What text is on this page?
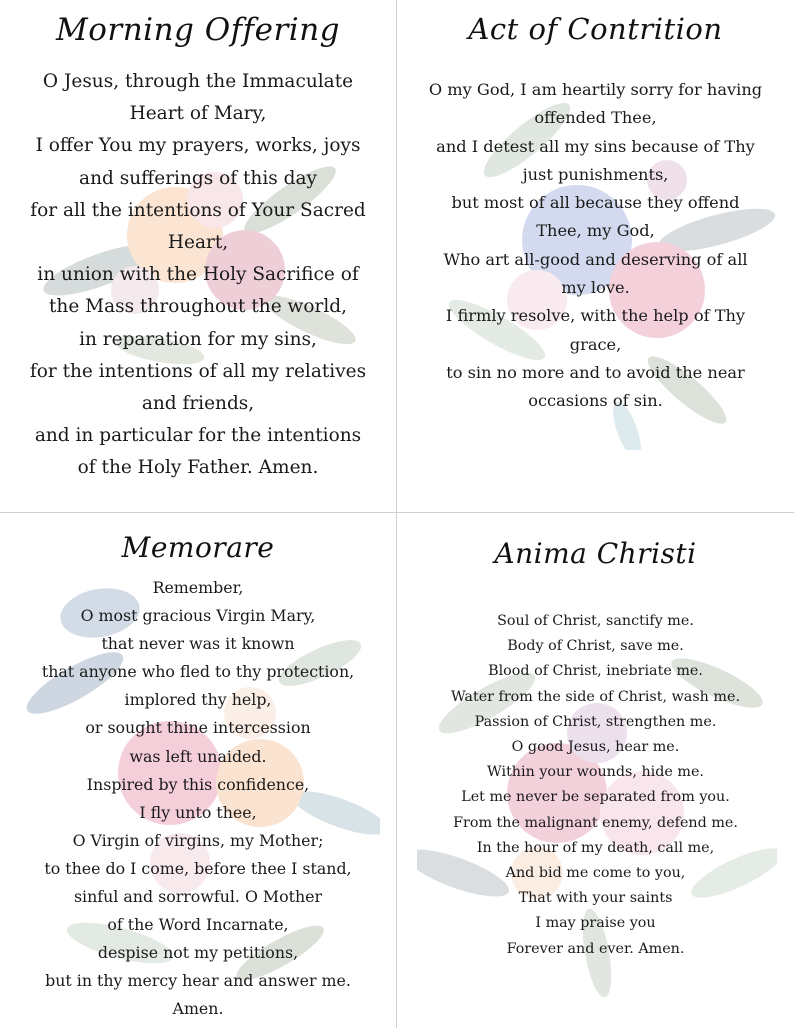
Morning Offering
O Jesus, through the Immaculate
Heart of Mary,
I offer You my prayers, works, joys
and sufferings of this day
for all the intentions of Your Sacred
Heart,
in union with the Holy Sacrifice of
the Mass throughout the world,
in reparation for my sins,
for the intentions of all my relatives
and friends,
and in particular for the intentions
of the Holy Father. Amen.
Act of Contrition
O my God, I am heartily sorry for having
offended Thee,
and I detest all my sins because of Thy
just punishments,
but most of all because they offend
Thee, my God,
Who art all-good and deserving of all
my love.
I firmly resolve, with the help of Thy
grace,
to sin no more and to avoid the near
occasions of sin.
Memorare
Remember,
O most gracious Virgin Mary,
that never was it known
that anyone who fled to thy protection,
implored thy help,
or sought thine intercession
was left unaided.
Inspired by this confidence,
I fly unto thee,
O Virgin of virgins, my Mother;
to thee do I come, before thee I stand,
sinful and sorrowful. O Mother
of the Word Incarnate,
despise not my petitions,
but in thy mercy hear and answer me.
Amen.
Anima Christi
Soul of Christ, sanctify me.
Body of Christ, save me.
Blood of Christ, inebriate me.
Water from the side of Christ, wash me.
Passion of Christ, strengthen me.
O good Jesus, hear me.
Within your wounds, hide me.
Let me never be separated from you.
From the malignant enemy, defend me.
In the hour of my death, call me,
And bid me come to you,
That with your saints
I may praise you
Forever and ever. Amen.
